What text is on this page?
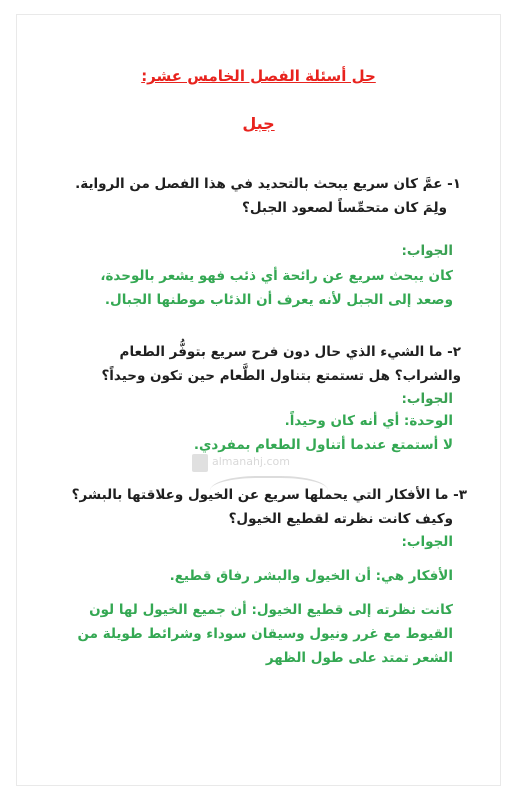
حل أسئلة الفصل الخامس عشر:
جبل
١- عمَّ كان سريع يبحث بالتحديد في هذا الفصل من الرواية.
ولِمَ كان متحمِّساً لصعود الجبل؟
الجواب:
كان يبحث سريع عن رائحة أي ذئب فهو يشعر بالوحدة،
وصعد إلى الجبل لأنه يعرف أن الذئاب موطنها الجبال.
٢- ما الشيء الذي حال دون فرح سريع بتوفُّر الطعام
والشراب؟ هل تستمتع بتناول الطَّعام حين تكون وحيداً؟
الجواب:
الوحدة: أي أنه كان وحيداً.
لا أستمتع عندما أتناول الطعام بمفردي.
almanahj.com
٣- ما الأفكار التي يحملها سريع عن الخيول وعلاقتها بالبشر؟
وكيف كانت نظرته لقطيع الخيول؟
الجواب:
الأفكار هي: أن الخيول والبشر رفاق قطيع.
كانت نظرته إلى قطيع الخيول: أن جميع الخيول لها لون
القيوط مع غرر ونيول وسيقان سوداء وشرائط طويلة من
الشعر تمتد على طول الظهر
